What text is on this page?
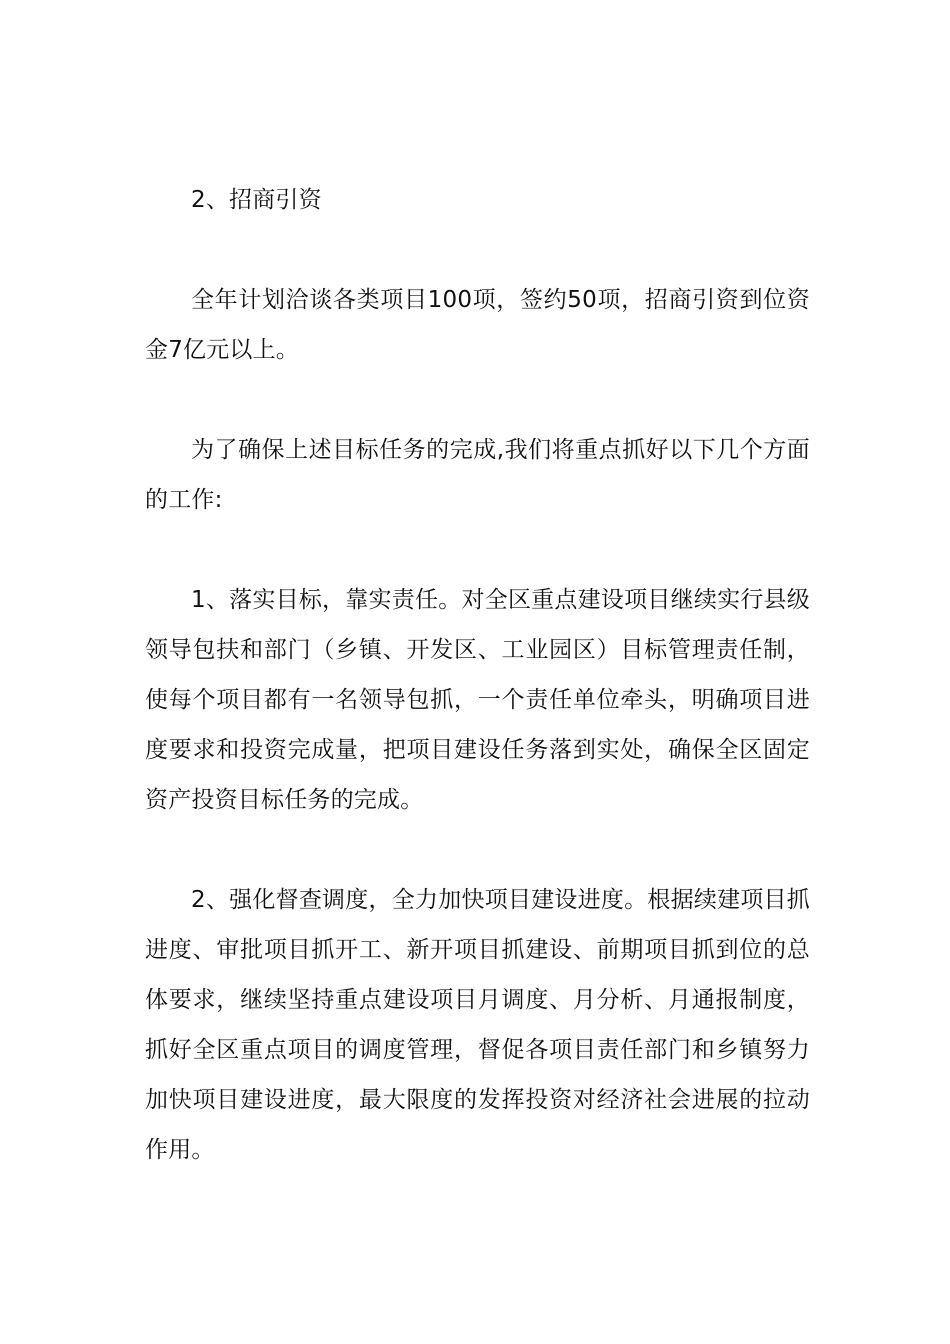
2、招商引资

全年计划洽谈各类项目100项，签约50项，招商引资到位资金7亿元以上。

为了确保上述目标任务的完成,我们将重点抓好以下几个方面的工作:

1、落实目标，靠实责任。对全区重点建设项目继续实行县级领导包扶和部门（乡镇、开发区、工业园区）目标管理责任制，使每个项目都有一名领导包抓，一个责任单位牵头，明确项目进度要求和投资完成量，把项目建设任务落到实处，确保全区固定资产投资目标任务的完成。

2、强化督查调度，全力加快项目建设进度。根据续建项目抓进度、审批项目抓开工、新开项目抓建设、前期项目抓到位的总体要求，继续坚持重点建设项目月调度、月分析、月通报制度，抓好全区重点项目的调度管理，督促各项目责任部门和乡镇努力加快项目建设进度，最大限度的发挥投资对经济社会进展的拉动作用。
